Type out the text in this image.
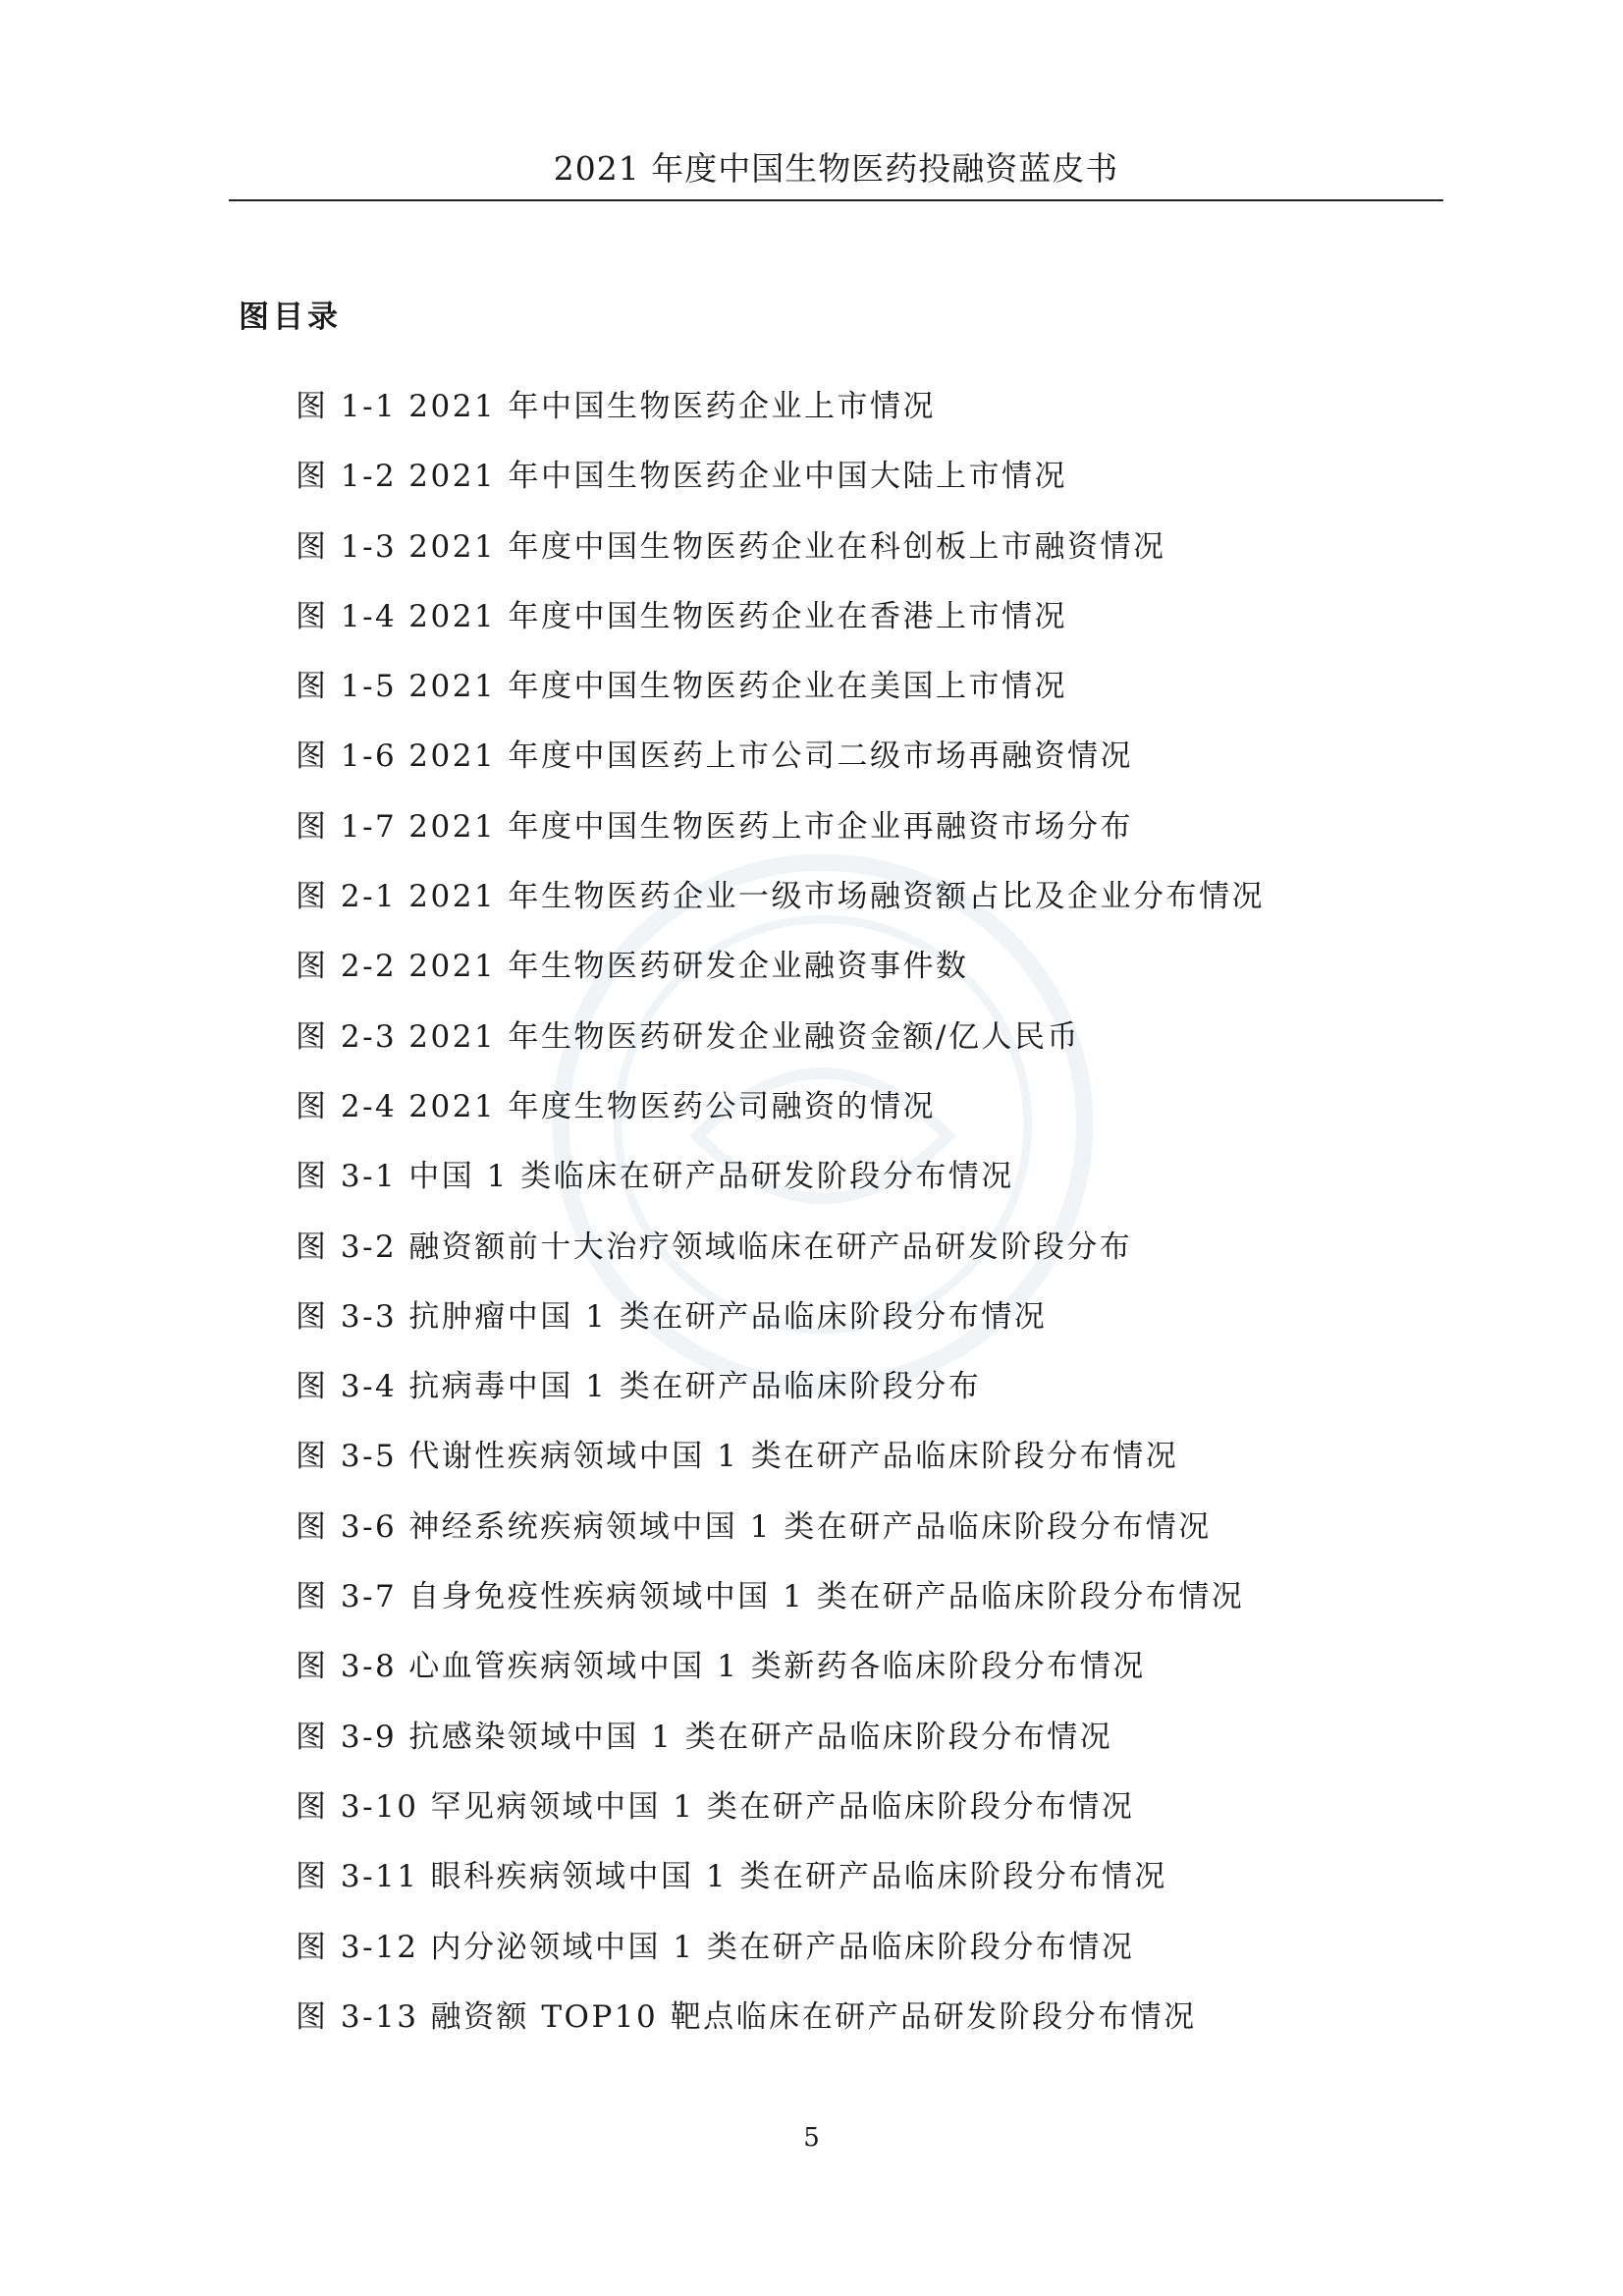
2021 年度中国生物医药投融资蓝皮书
图目录
图 1-1 2021 年中国生物医药企业上市情况
图 1-2 2021 年中国生物医药企业中国大陆上市情况
图 1-3 2021 年度中国生物医药企业在科创板上市融资情况
图 1-4 2021 年度中国生物医药企业在香港上市情况
图 1-5 2021 年度中国生物医药企业在美国上市情况
图 1-6 2021 年度中国医药上市公司二级市场再融资情况
图 1-7 2021 年度中国生物医药上市企业再融资市场分布
图 2-1 2021 年生物医药企业一级市场融资额占比及企业分布情况
图 2-2 2021 年生物医药研发企业融资事件数
图 2-3 2021 年生物医药研发企业融资金额/亿人民币
图 2-4 2021 年度生物医药公司融资的情况
图 3-1 中国 1 类临床在研产品研发阶段分布情况
图 3-2 融资额前十大治疗领域临床在研产品研发阶段分布
图 3-3 抗肿瘤中国 1 类在研产品临床阶段分布情况
图 3-4 抗病毒中国 1 类在研产品临床阶段分布
图 3-5 代谢性疾病领域中国 1 类在研产品临床阶段分布情况
图 3-6 神经系统疾病领域中国 1 类在研产品临床阶段分布情况
图 3-7 自身免疫性疾病领域中国 1 类在研产品临床阶段分布情况
图 3-8 心血管疾病领域中国 1 类新药各临床阶段分布情况
图 3-9 抗感染领域中国 1 类在研产品临床阶段分布情况
图 3-10 罕见病领域中国 1 类在研产品临床阶段分布情况
图 3-11 眼科疾病领域中国 1 类在研产品临床阶段分布情况
图 3-12 内分泌领域中国 1 类在研产品临床阶段分布情况
图 3-13 融资额 TOP10 靶点临床在研产品研发阶段分布情况
5
